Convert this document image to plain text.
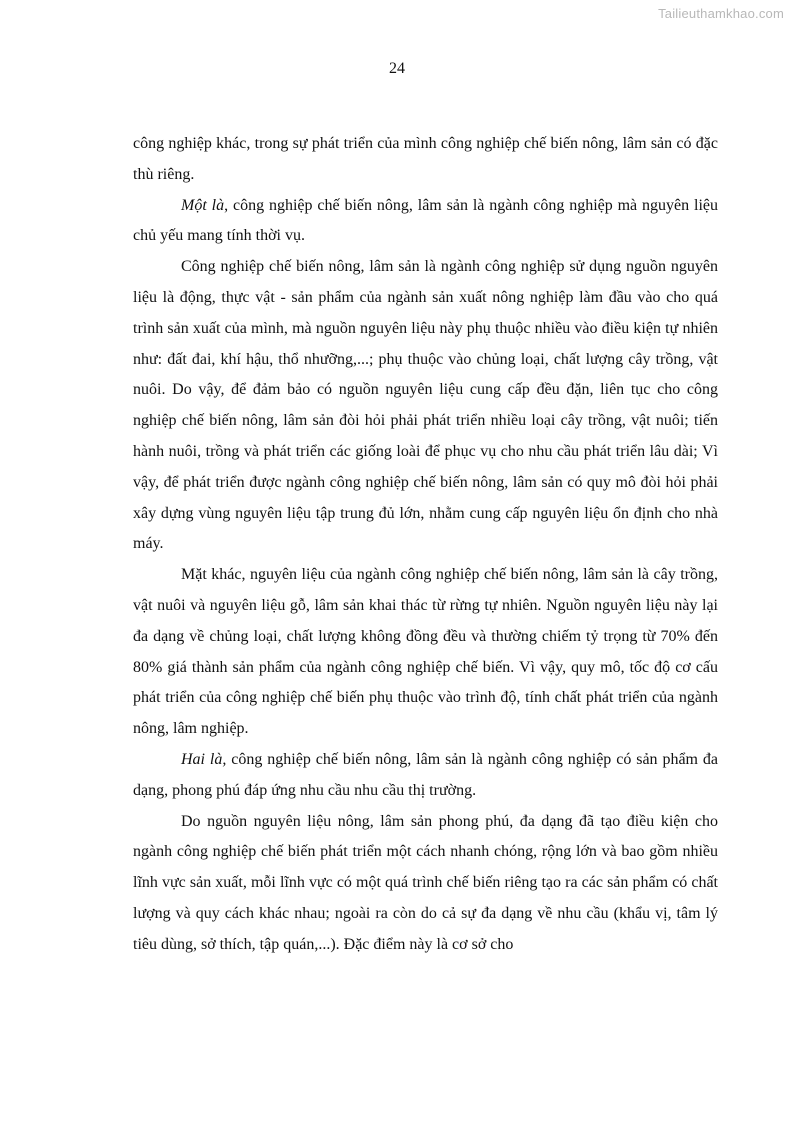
Tailieuthamkhao.com
24

công nghiệp khác, trong sự phát triển của mình công nghiệp chế biến nông, lâm sản có đặc thù riêng.

Một là, công nghiệp chế biến nông, lâm sản là ngành công nghiệp mà nguyên liệu chủ yếu mang tính thời vụ.

Công nghiệp chế biến nông, lâm sản là ngành công nghiệp sử dụng nguồn nguyên liệu là động, thực vật - sản phẩm của ngành sản xuất nông nghiệp làm đầu vào cho quá trình sản xuất của mình, mà nguồn nguyên liệu này phụ thuộc nhiều vào điều kiện tự nhiên như: đất đai, khí hậu, thổ nhưỡng,...; phụ thuộc vào chủng loại, chất lượng cây trồng, vật nuôi. Do vậy, để đảm bảo có nguồn nguyên liệu cung cấp đều đặn, liên tục cho công nghiệp chế biến nông, lâm sản đòi hỏi phải phát triển nhiều loại cây trồng, vật nuôi; tiến hành nuôi, trồng và phát triển các giống loài để phục vụ cho nhu cầu phát triển lâu dài; Vì vậy, để phát triển được ngành công nghiệp chế biến nông, lâm sản có quy mô đòi hỏi phải xây dựng vùng nguyên liệu tập trung đủ lớn, nhằm cung cấp nguyên liệu ổn định cho nhà máy.

Mặt khác, nguyên liệu của ngành công nghiệp chế biến nông, lâm sản là cây trồng, vật nuôi và nguyên liệu gỗ, lâm sản khai thác từ rừng tự nhiên. Nguồn nguyên liệu này lại đa dạng về chủng loại, chất lượng không đồng đều và thường chiếm tỷ trọng từ 70% đến 80% giá thành sản phẩm của ngành công nghiệp chế biến. Vì vậy, quy mô, tốc độ cơ cấu phát triển của công nghiệp chế biến phụ thuộc vào trình độ, tính chất phát triển của ngành nông, lâm nghiệp.

Hai là, công nghiệp chế biến nông, lâm sản là ngành công nghiệp có sản phẩm đa dạng, phong phú đáp ứng nhu cầu nhu cầu thị trường.

Do nguồn nguyên liệu nông, lâm sản phong phú, đa dạng đã tạo điều kiện cho ngành công nghiệp chế biến phát triển một cách nhanh chóng, rộng lớn và bao gồm nhiều lĩnh vực sản xuất, mỗi lĩnh vực có một quá trình chế biến riêng tạo ra các sản phẩm có chất lượng và quy cách khác nhau; ngoài ra còn do cả sự đa dạng về nhu cầu (khẩu vị, tâm lý tiêu dùng, sở thích, tập quán,...). Đặc điểm này là cơ sở cho
